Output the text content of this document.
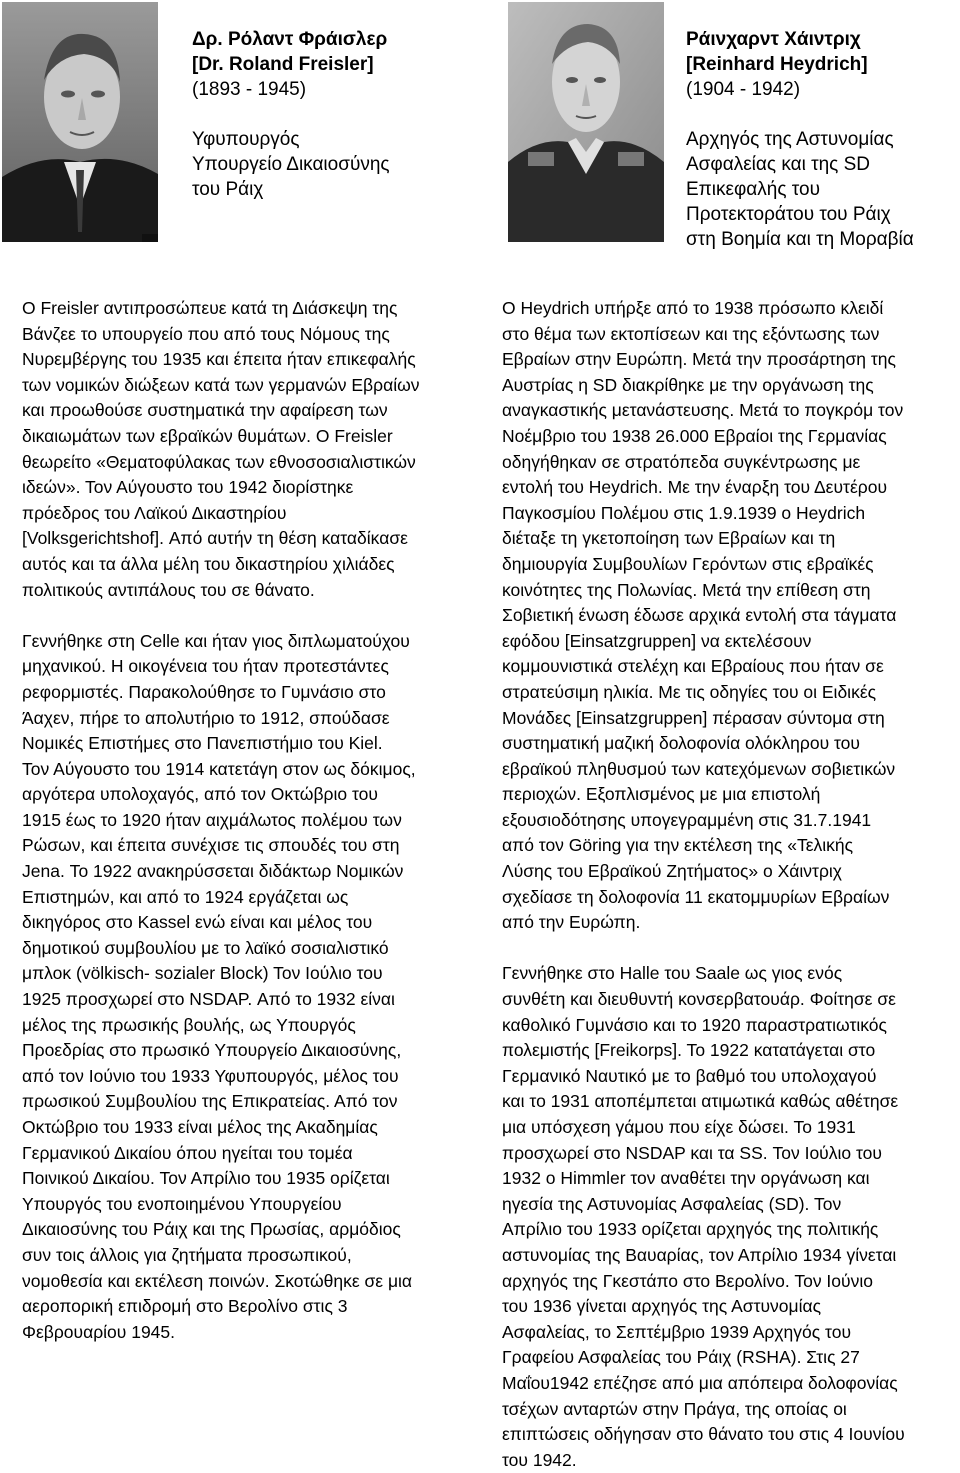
Δρ. Ρόλαντ Φράισλερ
[Dr. Roland Freisler]
(1893 - 1945)
Υφυπουργός
Υπουργείο Δικαιοσύνης
του Ράιχ
Ράινχαρντ Χάιντριχ
[Reinhard Heydrich]
(1904 - 1942)
Αρχηγός της Αστυνομίας
Ασφαλείας και της SD
Επικεφαλής του
Προτεκτοράτου του Ράιχ
στη Βοημία και τη Μοραβία

Ο Freisler αντιπροσώπευε κατά τη Διάσκεψη της
Βάνζεε το υπουργείο που από τους Νόμους της
Νυρεμβέργης του 1935 και έπειτα ήταν επικεφαλής
των νομικών διώξεων κατά των γερμανών Εβραίων
και προωθούσε συστηματικά την αφαίρεση των
δικαιωμάτων των εβραϊκών θυμάτων. Ο Freisler
θεωρείτο «Θεματοφύλακας των εθνοσοσιαλιστικών
ιδεών». Τον Αύγουστο του 1942 διορίστηκε
πρόεδρος του Λαϊκού Δικαστηρίου
[Volksgerichtshof]. Από αυτήν τη θέση καταδίκασε
αυτός και τα άλλα μέλη του δικαστηρίου χιλιάδες
πολιτικούς αντιπάλους του σε θάνατο.

Γεννήθηκε στη Celle και ήταν γιος διπλωματούχου
μηχανικού. Η οικογένεια του ήταν προτεστάντες
ρεφορμιστές. Παρακολούθησε το Γυμνάσιο στο
Άαχεν, πήρε το απολυτήριο το 1912, σπούδασε
Νομικές Επιστήμες στο Πανεπιστήμιο του Kiel.
Τον Αύγουστο του 1914 κατετάγη στον ως δόκιμος,
αργότερα υπολοχαγός, από τον Οκτώβριο του
1915 έως το 1920 ήταν αιχμάλωτος πολέμου των
Ρώσων, και έπειτα συνέχισε τις σπουδές του στη
Jena. Το 1922 ανακηρύσσεται διδάκτωρ Νομικών
Επιστημών, και από το 1924 εργάζεται ως
δικηγόρος στο Kassel ενώ είναι και μέλος του
δημοτικού συμβουλίου με το λαϊκό σοσιαλιστικό
μπλοκ (völkisch- sozialer Block) Τον Ιούλιο του
1925 προσχωρεί στο NSDAP. Από το 1932 είναι
μέλος της πρωσικής βουλής, ως Υπουργός
Προεδρίας στο πρωσικό Υπουργείο Δικαιοσύνης,
από τον Ιούνιο του 1933 Υφυπουργός, μέλος του
πρωσικού Συμβουλίου της Επικρατείας. Από τον
Οκτώβριο του 1933 είναι μέλος της Ακαδημίας
Γερμανικού Δικαίου όπου ηγείται του τομέα
Ποινικού Δικαίου. Τον Απρίλιο του 1935 ορίζεται
Υπουργός του ενοποιημένου Υπουργείου
Δικαιοσύνης του Ράιχ και της Πρωσίας, αρμόδιος
συν τοις άλλοις για ζητήματα προσωπικού,
νομοθεσία και εκτέλεση ποινών. Σκοτώθηκε σε μια
αεροπορική επιδρομή στο Βερολίνο στις 3
Φεβρουαρίου 1945.

Ο Heydrich υπήρξε από το 1938 πρόσωπο κλειδί
στο θέμα των εκτοπίσεων και της εξόντωσης των
Εβραίων στην Ευρώπη. Μετά την προσάρτηση της
Αυστρίας η SD διακρίθηκε με την οργάνωση της
αναγκαστικής μετανάστευσης. Μετά το πογκρόμ τον
Νοέμβριο του 1938 26.000 Εβραίοι της Γερμανίας
οδηγήθηκαν σε στρατόπεδα συγκέντρωσης με
εντολή του Heydrich. Με την έναρξη του Δευτέρου
Παγκοσμίου Πολέμου στις 1.9.1939 ο Heydrich
διέταξε τη γκετοποίηση των Εβραίων και τη
δημιουργία Συμβουλίων Γερόντων στις εβραϊκές
κοινότητες της Πολωνίας. Μετά την επίθεση στη
Σοβιετική ένωση έδωσε αρχικά εντολή στα τάγματα
εφόδου [Einsatzgruppen] να εκτελέσουν
κομμουνιστικά στελέχη και Εβραίους που ήταν σε
στρατεύσιμη ηλικία. Με τις οδηγίες του οι Ειδικές
Μονάδες [Einsatzgruppen] πέρασαν σύντομα στη
συστηματική μαζική δολοφονία ολόκληρου του
εβραϊκού πληθυσμού των κατεχόμενων σοβιετικών
περιοχών. Εξοπλισμένος με μια επιστολή
εξουσιοδότησης υπογεγραμμένη στις 31.7.1941
από τον Göring για την εκτέλεση της «Τελικής
Λύσης του Εβραϊκού Ζητήματος» ο Χάιντριχ
σχεδίασε τη δολοφονία 11 εκατομμυρίων Εβραίων
από την Ευρώπη.

Γεννήθηκε στο Halle του Saale ως γιος ενός
συνθέτη και διευθυντή κονσερβατουάρ. Φοίτησε σε
καθολικό Γυμνάσιο και το 1920 παραστρατιωτικός
πολεμιστής [Freikorps]. Το 1922 κατατάγεται στο
Γερμανικό Ναυτικό με το βαθμό του υπολοχαγού
και το 1931 αποπέμπεται ατιμωτικά καθώς αθέτησε
μια υπόσχεση γάμου που είχε δώσει. Το 1931
προσχωρεί στο NSDAP και τα SS. Τον Ιούλιο του
1932 ο Himmler τον αναθέτει την οργάνωση και
ηγεσία της Αστυνομίας Ασφαλείας (SD). Τον
Απρίλιο του 1933 ορίζεται αρχηγός της πολιτικής
αστυνομίας της Βαυαρίας, τον Απρίλιο 1934 γίνεται
αρχηγός της Γκεστάπο στο Βερολίνο. Τον Ιούνιο
του 1936 γίνεται αρχηγός της Αστυνομίας
Ασφαλείας, το Σεπτέμβριο 1939 Αρχηγός του
Γραφείου Ασφαλείας του Ράιχ (RSHA). Στις 27
Μαΐου1942 επέζησε από μια απόπειρα δολοφονίας
τσέχων ανταρτών στην Πράγα, της οποίας οι
επιπτώσεις οδήγησαν στο θάνατο του στις 4 Ιουνίου
του 1942.
